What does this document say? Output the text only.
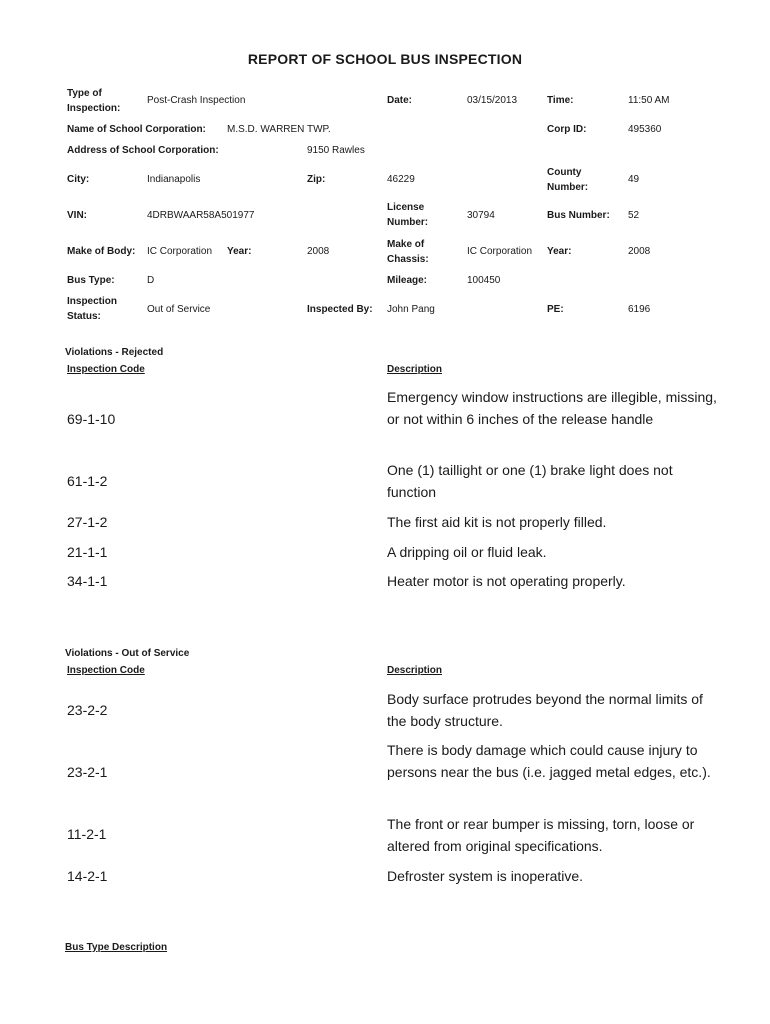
REPORT OF SCHOOL BUS INSPECTION
Type of Inspection:
Post-Crash Inspection	Date:	03/15/2013	Time:	11:50 AM
Name of School Corporation: M.S.D. WARREN TWP.	Corp ID:	495360
Address of School Corporation:	9150 Rawles
City:	Indianapolis	Zip:	46229
County Number:
49
VIN:	4DRBWAAR58A501977
License Number:
30794	Bus Number: 52
Make of Body: IC Corporation Year:	2008
Make of Chassis:
IC Corporation Year:	2008
Bus Type:	D	Mileage:	100450
Inspection Status:
Out of Service	Inspected By: John Pang	PE:	6196
Violations - Rejected
Inspection Code	Description
69-1-10
Emergency window instructions are illegible, missing, or not within 6 inches of the release handle
61-1-2
One (1) taillight or one (1) brake light does not function
27-1-2	The first aid kit is not properly filled.
21-1-1	A dripping oil or fluid leak.
34-1-1	Heater motor is not operating properly.
Violations - Out of Service
Inspection Code	Description
23-2-2
Body surface protrudes beyond the normal limits of the body structure.
23-2-1
There is body damage which could cause injury to persons near the bus (i.e. jagged metal edges, etc.).
11-2-1
The front or rear bumper is missing, torn, loose or altered from original specifications.
14-2-1	Defroster system is inoperative.
Bus Type Description
